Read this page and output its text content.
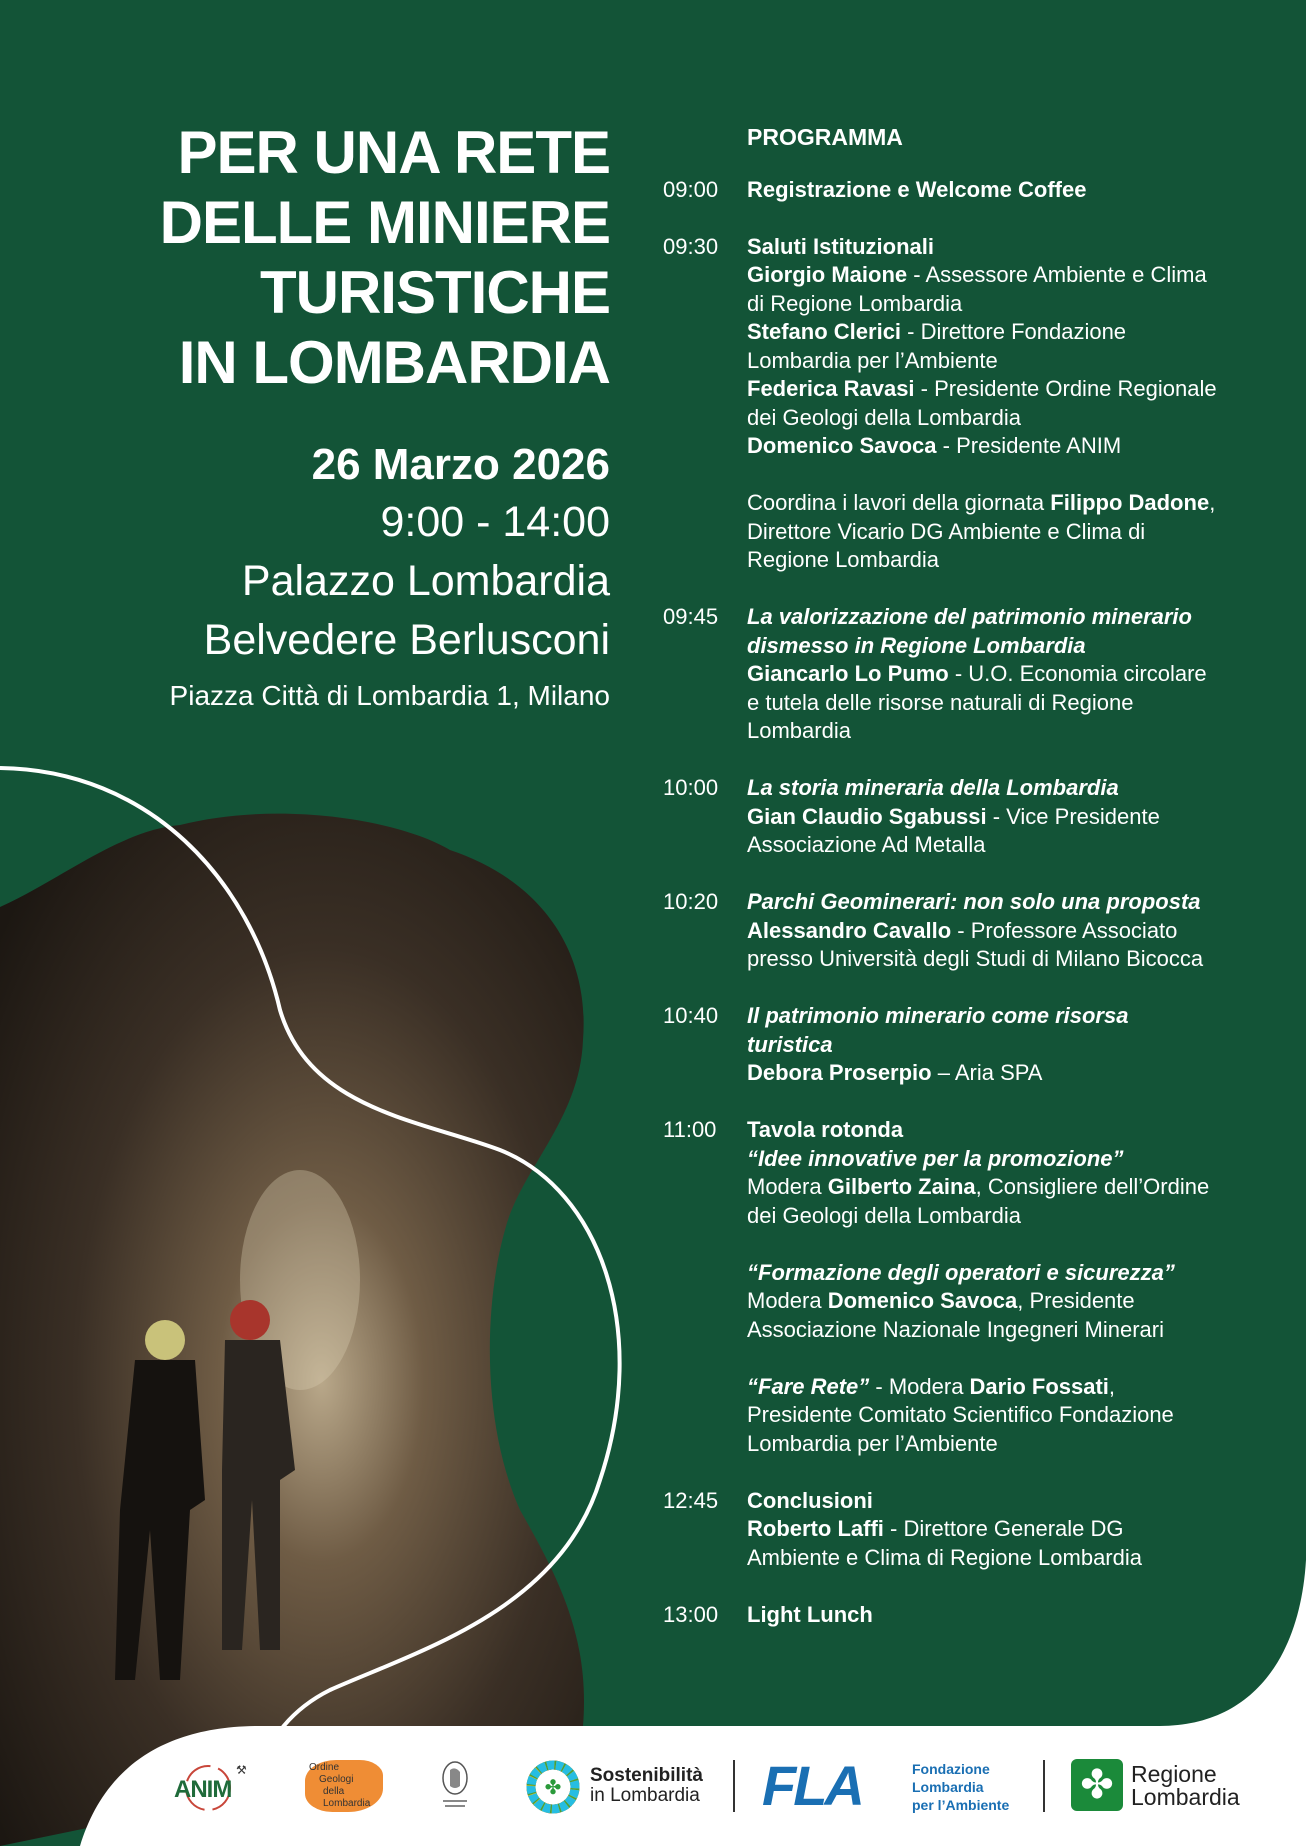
PER UNA RETE
DELLE MINIERE
TURISTICHE
IN LOMBARDIA
26 Marzo 2026
9:00 - 14:00
Palazzo Lombardia
Belvedere Berlusconi
Piazza Città di Lombardia 1, Milano
PROGRAMMA
09:00	Registrazione e Welcome Coffee
09:30	Saluti Istituzionali
Giorgio Maione - Assessore Ambiente e Clima
di Regione Lombardia
Stefano Clerici - Direttore Fondazione
Lombardia per l’Ambiente
Federica Ravasi - Presidente Ordine Regionale
dei Geologi della Lombardia
Domenico Savoca - Presidente ANIM
Coordina i lavori della giornata Filippo Dadone,
Direttore Vicario DG Ambiente e Clima di
Regione Lombardia
09:45	La valorizzazione del patrimonio minerario
dismesso in Regione Lombardia
Giancarlo Lo Pumo - U.O. Economia circolare
e tutela delle risorse naturali di Regione
Lombardia
10:00	La storia mineraria della Lombardia
Gian Claudio Sgabussi - Vice Presidente
Associazione Ad Metalla
10:20	Parchi Geominerari: non solo una proposta
Alessandro Cavallo - Professore Associato
presso Università degli Studi di Milano Bicocca
10:40	Il patrimonio minerario come risorsa
turistica
Debora Proserpio – Aria SPA
11:00	Tavola rotonda
“Idee innovative per la promozione”
Modera Gilberto Zaina, Consigliere dell’Ordine
dei Geologi della Lombardia
“Formazione degli operatori e sicurezza”
Modera Domenico Savoca, Presidente
Associazione Nazionale Ingegneri Minerari
“Fare Rete” - Modera Dario Fossati,
Presidente Comitato Scientifico Fondazione
Lombardia per l’Ambiente
12:45	Conclusioni
Roberto Laffi - Direttore Generale DG
Ambiente e Clima di Regione Lombardia
13:00	Light Lunch
⚒
ANIM
Ordine
Geologi
della Lombardia
✤
Sostenibilità
in Lombardia FLA	Fondazione
Lombardia
per l’Ambiente ✤ Regione
Lombardia
